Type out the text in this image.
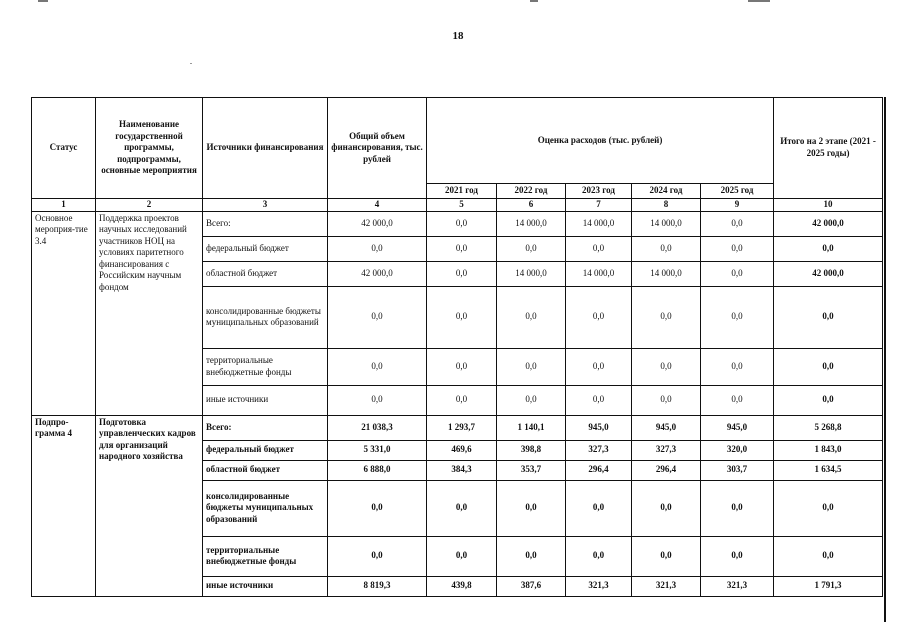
18
Статус	Наименование государственной программы, подпрограммы, основные мероприятия	Источники финансирования	Общий объем финансирования, тыс. рублей	Оценка расходов (тыс. рублей)					Итого на 2 этапе (2021 - 2025 годы)
				2021 год	2022 год	2023 год	2024 год	2025 год	
1	2	3	4	5	6	7	8	9	10
Основное мероприя-тие 3.4	Поддержка проектов научных исследований участников НОЦ на условиях паритетного финансирования с Российским научным фондом	Всего:	42 000,0	0,0	14 000,0	14 000,0	14 000,0	0,0	42 000,0
		федеральный бюджет	0,0	0,0	0,0	0,0	0,0	0,0	0,0
		областной бюджет	42 000,0	0,0	14 000,0	14 000,0	14 000,0	0,0	42 000,0
		консолидированные бюджеты муниципальных образований	0,0	0,0	0,0	0,0	0,0	0,0	0,0
		территориальные внебюджетные фонды	0,0	0,0	0,0	0,0	0,0	0,0	0,0
		иные источники	0,0	0,0	0,0	0,0	0,0	0,0	0,0
Подпро-грамма 4	Подготовка управленческих кадров для организаций народного хозяйства	Всего:	21 038,3	1 293,7	1 140,1	945,0	945,0	945,0	5 268,8
		федеральный бюджет	5 331,0	469,6	398,8	327,3	327,3	320,0	1 843,0
		областной бюджет	6 888,0	384,3	353,7	296,4	296,4	303,7	1 634,5
		консолидированные бюджеты муниципальных образований	0,0	0,0	0,0	0,0	0,0	0,0	0,0
		территориальные внебюджетные фонды	0,0	0,0	0,0	0,0	0,0	0,0	0,0
		иные источники	8 819,3	439,8	387,6	321,3	321,3	321,3	1 791,3
